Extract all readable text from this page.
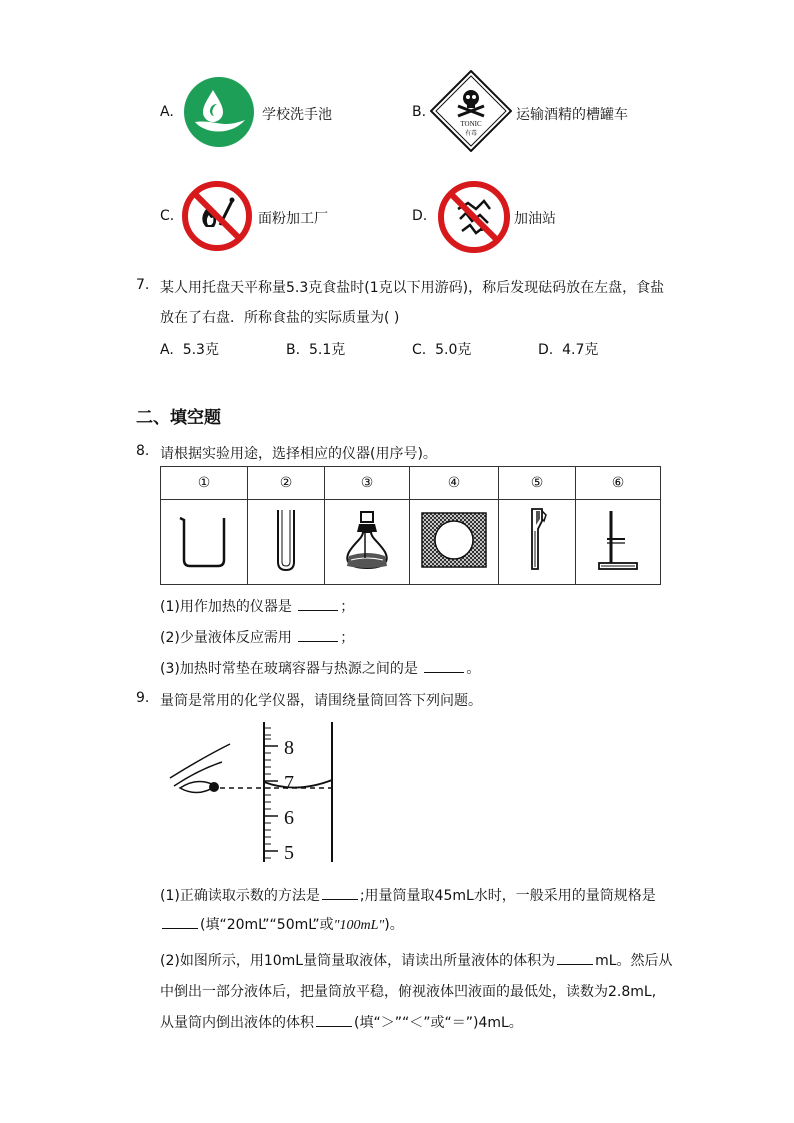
A.	学校洗手池	B.
TONIC
有毒
运输酒精的槽罐车
C.	面粉加工厂	D.	加油站
7. 某人用托盘天平称量5.3克食盐时(1克以下用游码)，称后发现砝码放在左盘，食盐
放在了右盘．所称食盐的实际质量为( )
A. 5.3克	B. 5.1克	C. 5.0克	D. 4.7克
二、填空题
8. 请根据实验用途，选择相应的仪器(用序号)。
①	②	③	④	⑤	⑥

(1)用作加热的仪器是	；
(2)少量液体反应需用	；
(3)加热时常垫在玻璃容器与热源之间的是	。
9. 量筒是常用的化学仪器，请围绕量筒回答下列问题。
8
7
6
5
(1)正确读取示数的方法是	;用量筒量取45mL水时，一般采用的量筒规格是
(填“20mL”“50mL”或"100mL")。
(2)如图所示，用10mL量筒量取液体，请读出所量液体的体积为	mL。然后从
中倒出一部分液体后，把量筒放平稳，俯视液体凹液面的最低处，读数为2.8mL,
从量筒内倒出液体的体积	(填“＞”“＜”或“＝”)4mL。
